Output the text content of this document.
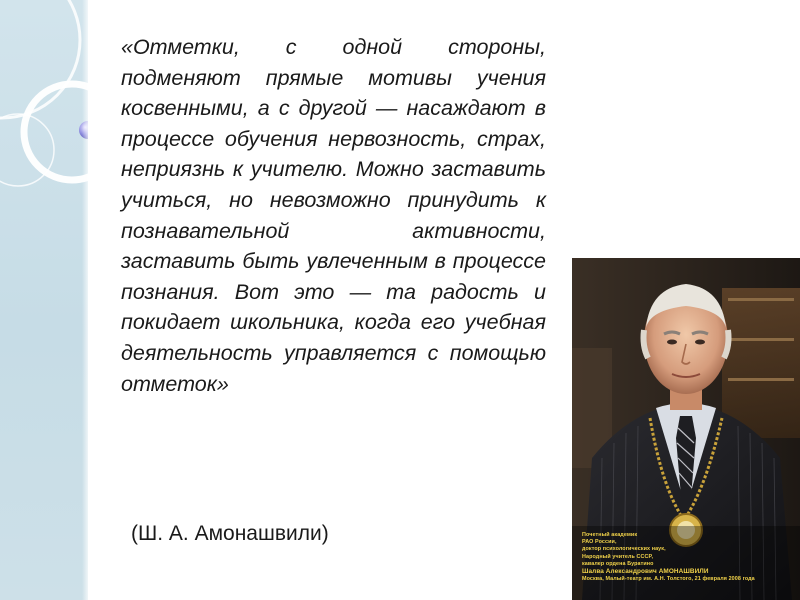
«Отметки, с одной стороны, подменяют прямые мотивы учения косвенными, а с другой — насаждают в процессе обучения нервозность, страх, неприязнь к учителю. Можно заставить учиться, но невозможно принудить к познавательной активности, заставить быть увлеченным в процессе познания. Вот это — та радость и покидает школьника, когда его учебная деятельность управляется с помощью отметок»

(Ш. А. Амонашвили)	Почетный академик
РАО России,
доктор психологических наук,
Народный учитель СССР,
кавалер ордена Буратино
Шалва Александрович АМОНАШВИЛИ
Москва, Малый-театр им. А.Н. Толстого, 21 февраля 2008 года
